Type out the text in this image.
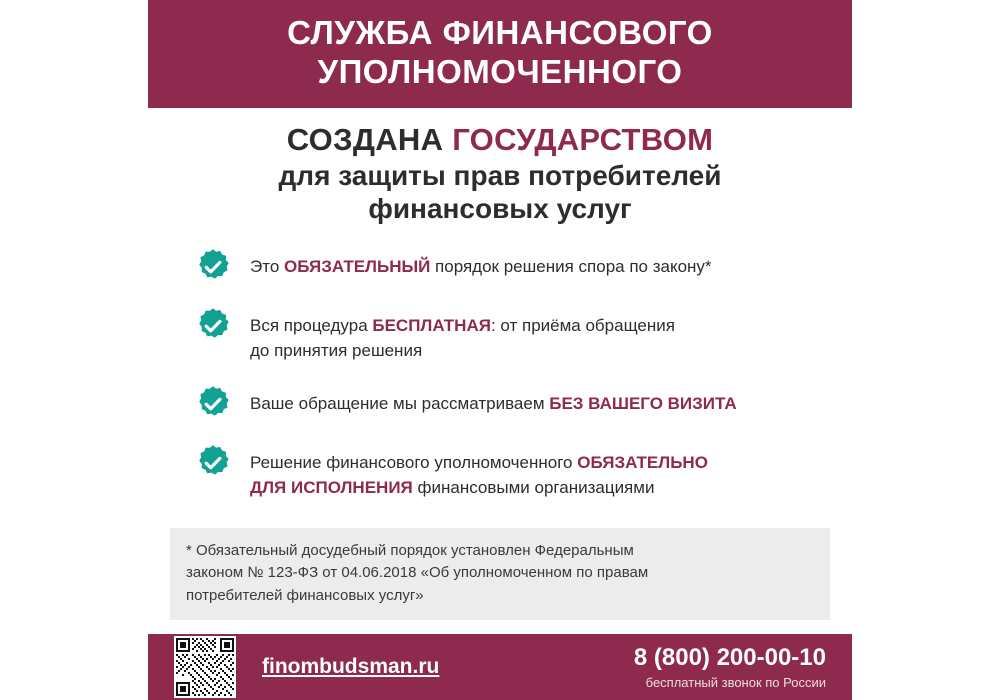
СЛУЖБА ФИНАНСОВОГО
УПОЛНОМОЧЕННОГО
СОЗДАНА ГОСУДАРСТВОМ
для защиты прав потребителей
финансовых услуг
Это ОБЯЗАТЕЛЬНЫЙ порядок решения спора по закону*
Вся процедура БЕСПЛАТНАЯ: от приёма обращения
до принятия решения
Ваше обращение мы рассматриваем БЕЗ ВАШЕГО ВИЗИТА
Решение финансового уполномоченного ОБЯЗАТЕЛЬНО
ДЛЯ ИСПОЛНЕНИЯ финансовыми организациями
* Обязательный досудебный порядок установлен Федеральным
законом № 123-ФЗ от 04.06.2018 «Об уполномоченном по правам
потребителей финансовых услуг»
finombudsman.ru	8 (800) 200-00-10
бесплатный звонок по России
